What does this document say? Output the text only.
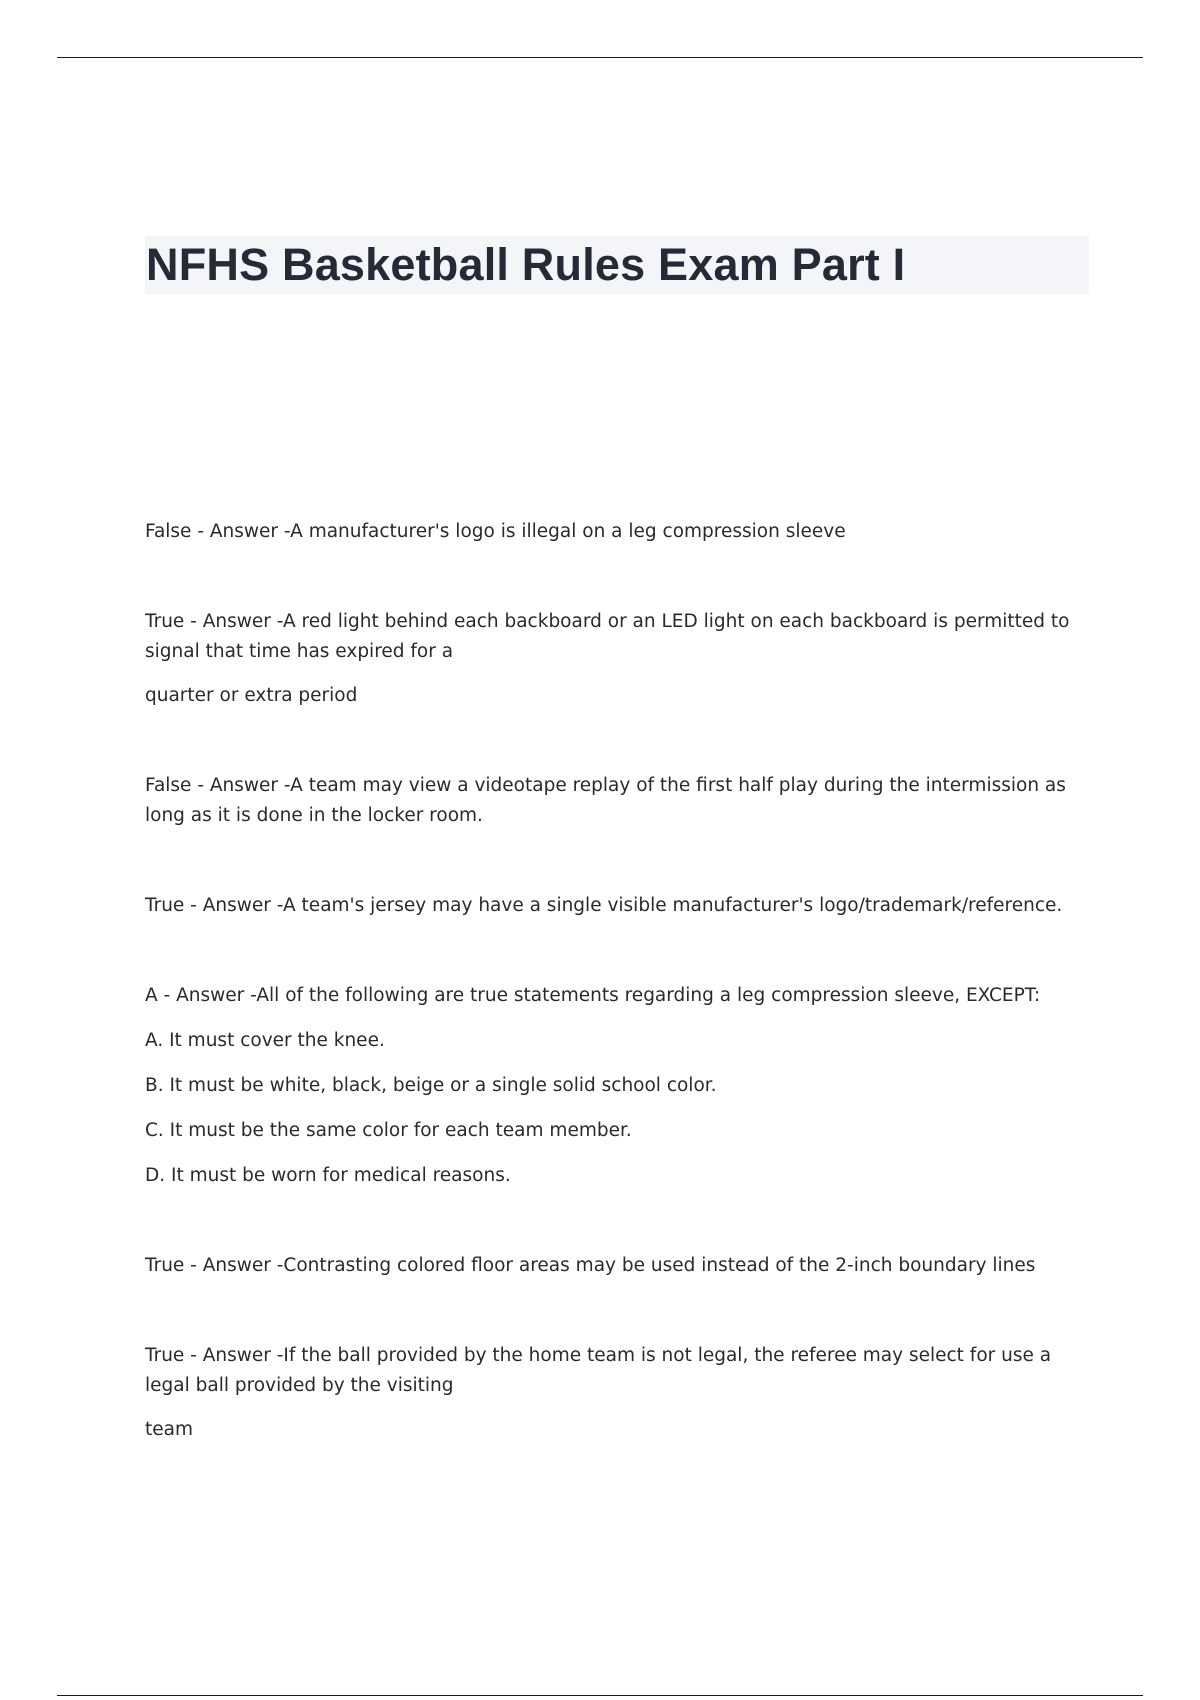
NFHS Basketball Rules Exam Part I

False - Answer -A manufacturer's logo is illegal on a leg compression sleeve

True - Answer -A red light behind each backboard or an LED light on each backboard is permitted to signal that time has expired for a

quarter or extra period

False - Answer -A team may view a videotape replay of the first half play during the intermission as long as it is done in the locker room.

True - Answer -A team's jersey may have a single visible manufacturer's logo/trademark/reference.

A - Answer -All of the following are true statements regarding a leg compression sleeve, EXCEPT:

A. It must cover the knee.

B. It must be white, black, beige or a single solid school color.

C. It must be the same color for each team member.

D. It must be worn for medical reasons.

True - Answer -Contrasting colored floor areas may be used instead of the 2-inch boundary lines

True - Answer -If the ball provided by the home team is not legal, the referee may select for use a legal ball provided by the visiting

team
